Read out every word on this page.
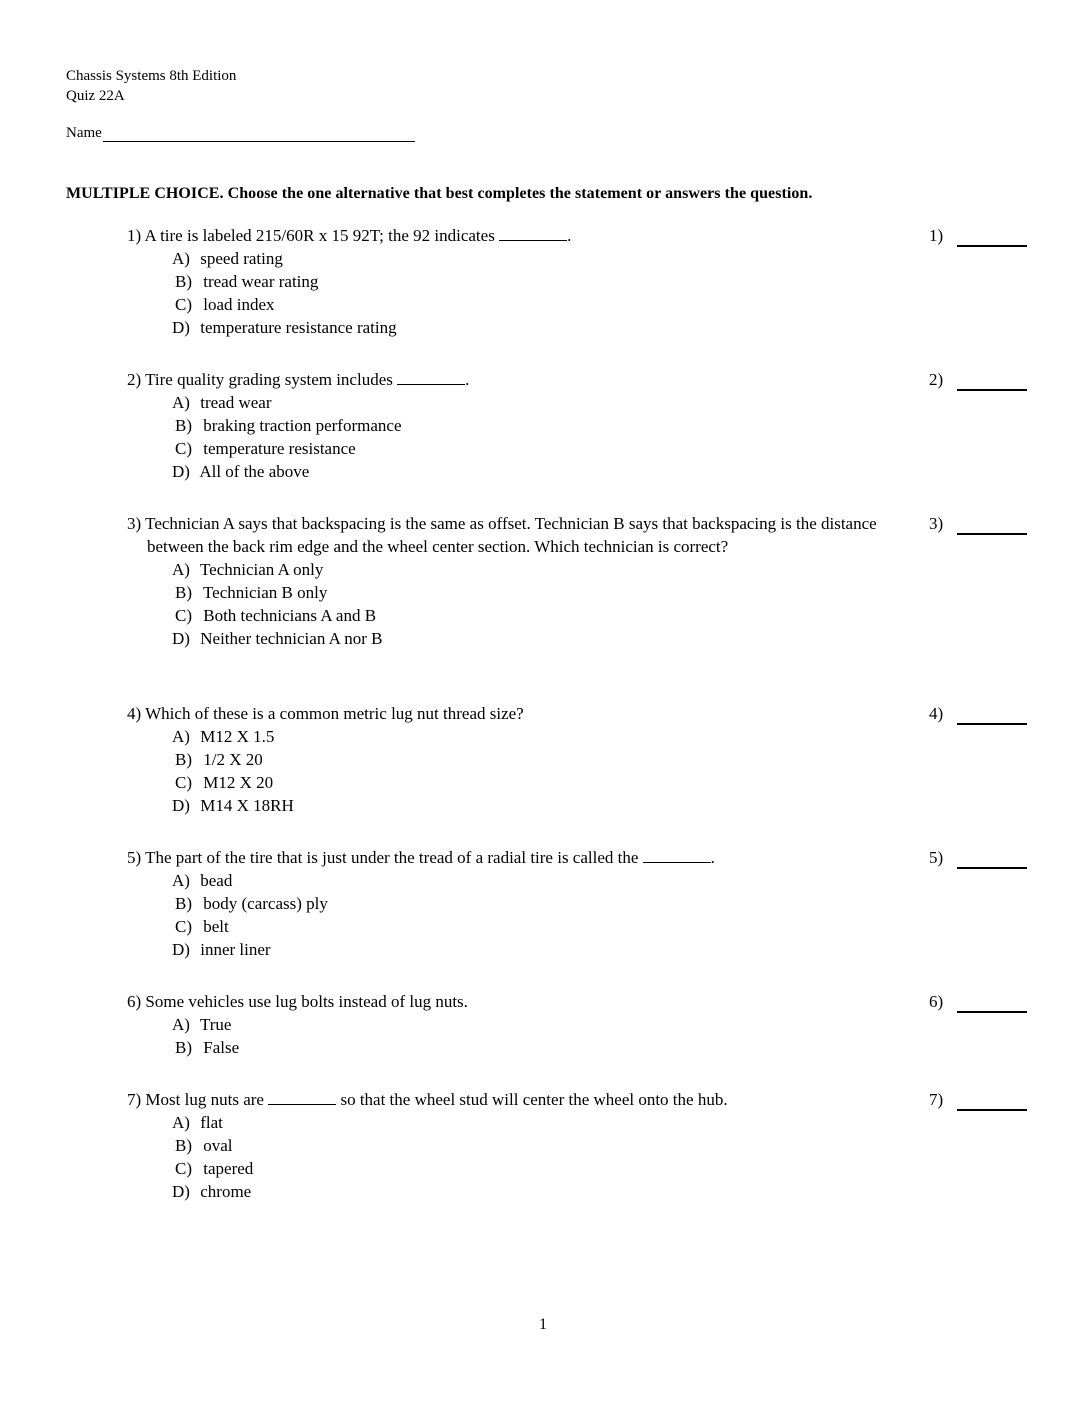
Chassis Systems 8th Edition
Quiz 22A
Name
MULTIPLE CHOICE. Choose the one alternative that best completes the statement or answers the question.
1) A tire is labeled 215/60R x 15 92T; the 92 indicates	.
A) speed rating
B) tread wear rating
C) load index
D) temperature resistance rating
1)
2) Tire quality grading system includes	.
A) tread wear
B) braking traction performance
C) temperature resistance
D) All of the above
2)
3) Technician A says that backspacing is the same as offset. Technician B says that backspacing is the distance between the back rim edge and the wheel center section. Which technician is correct?
A) Technician A only
B) Technician B only
C) Both technicians A and B
D) Neither technician A nor B
3)
4) Which of these is a common metric lug nut thread size?
A) M12 X 1.5
B) 1/2 X 20
C) M12 X 20
D) M14 X 18RH
4)
5) The part of the tire that is just under the tread of a radial tire is called the	.
A) bead
B) body (carcass) ply
C) belt
D) inner liner
5)
6) Some vehicles use lug bolts instead of lug nuts.
A) True
B) False
6)
7) Most lug nuts are	so that the wheel stud will center the wheel onto the hub.
A) flat
B) oval
C) tapered
D) chrome
7)
1
